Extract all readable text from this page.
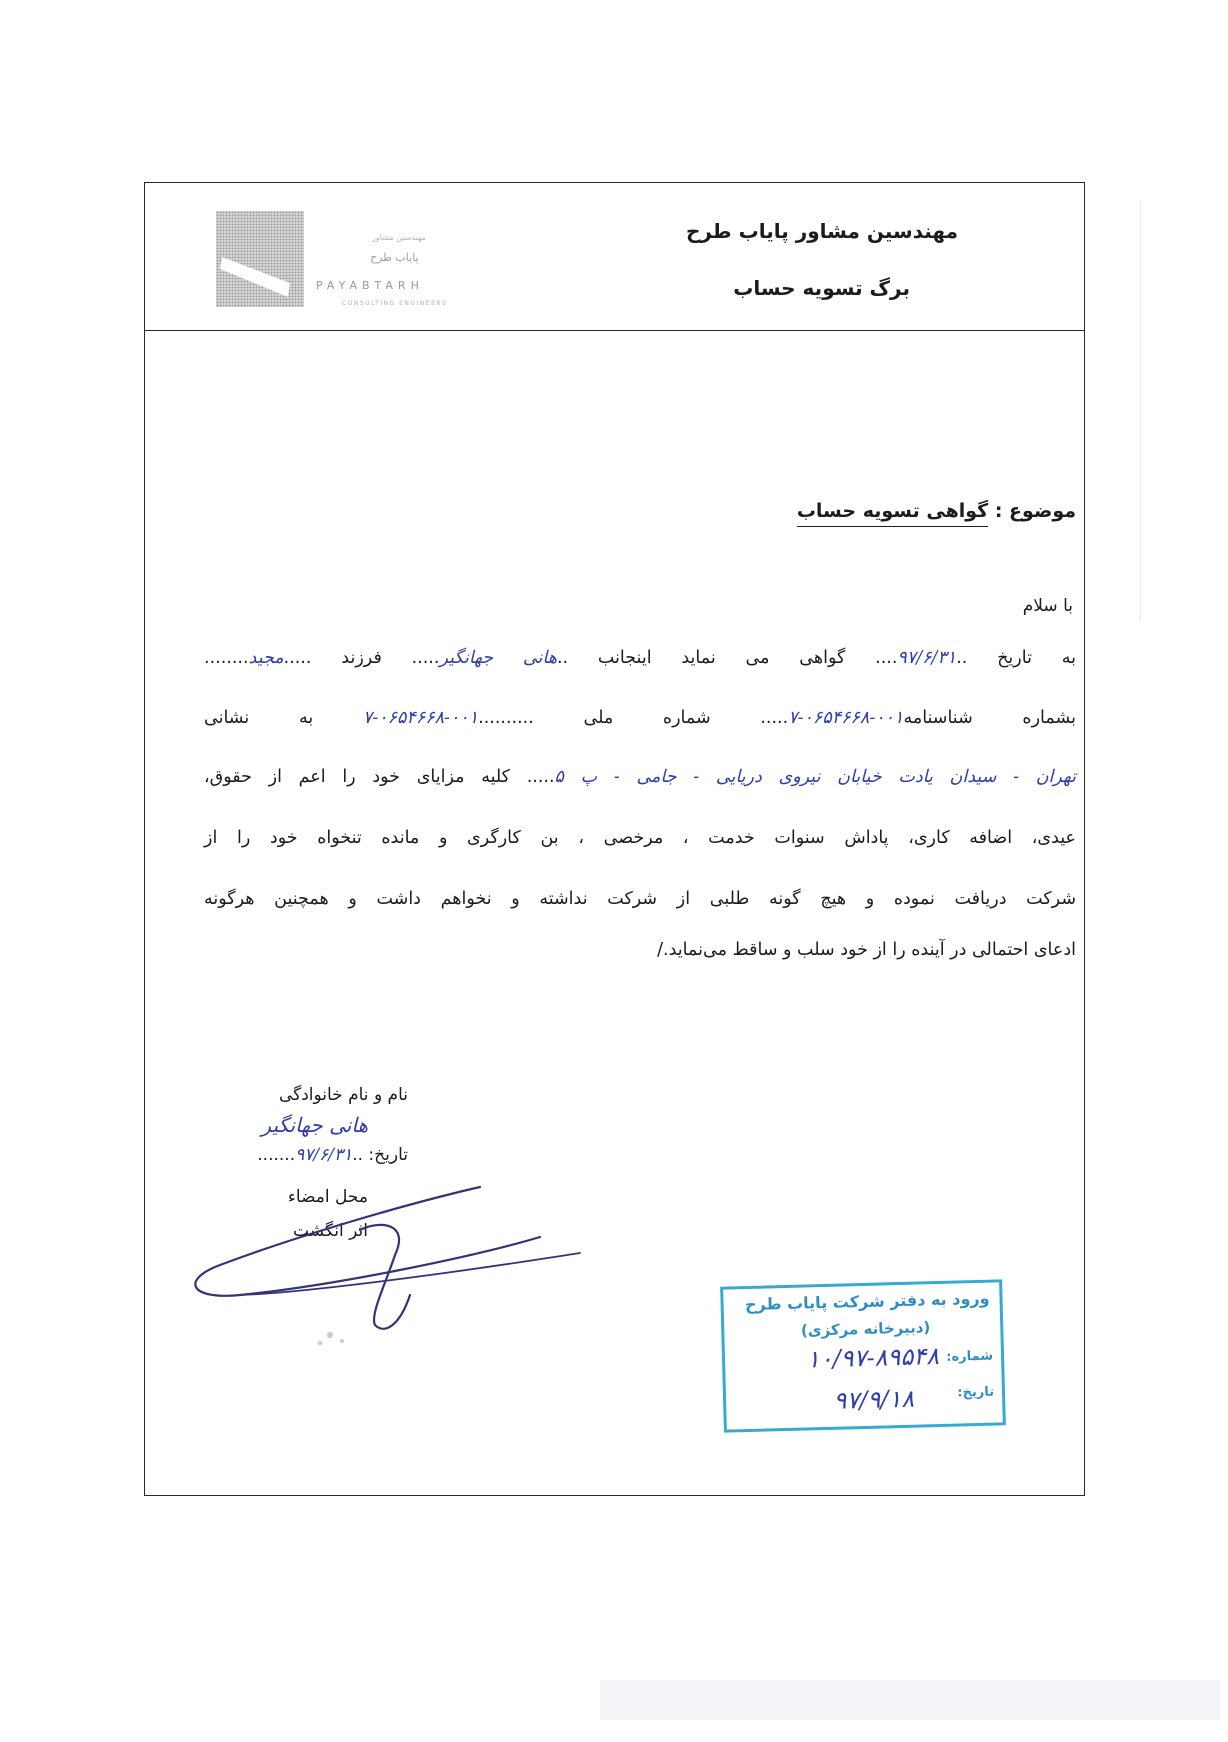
مهندسین مشاور
پایاب طرح
PAYABTARH
CONSULTING ENGINEERS
مهندسین مشاور پایاب طرح
برگ تسویه حساب
موضوع : گواهی تسویه حساب
با سلام
به تاریخ ..۹۷/۶/۳۱.... گواهی می نماید اینجانب ..هانی جهانگیر..... فرزند .....مجید........
بشماره شناسنامه۰۰۱-۰۶۵۴۶۶۸-۷..... شماره ملی ..........۰۰۱-۰۶۵۴۶۶۸-۷ به نشانی
تهران - سیدان یادت خیابان نیروی دریایی - جامی - پ ۵..... کلیه مزایای خود را اعم از حقوق،
عیدی، اضافه کاری، پاداش سنوات خدمت ، مرخصی ، بن کارگری و مانده تنخواه خود را از
شرکت دریافت نموده و هیچ گونه طلبی از شرکت نداشته و نخواهم داشت و همچنین هرگونه
ادعای احتمالی در آینده را از خود سلب و ساقط می‌نماید./
نام و نام خانوادگی
هانی جهانگیر
تاریخ: ..۹۷/۶/۳۱.......
محل امضاء
اثر انگشت
ورود به دفتر شرکت پایاب طرح
(دبیرخانه مرکزی)
شماره:
۱۰/۹۷-۸۹۵۴۸
تاریخ:
۹۷/۹/۱۸
